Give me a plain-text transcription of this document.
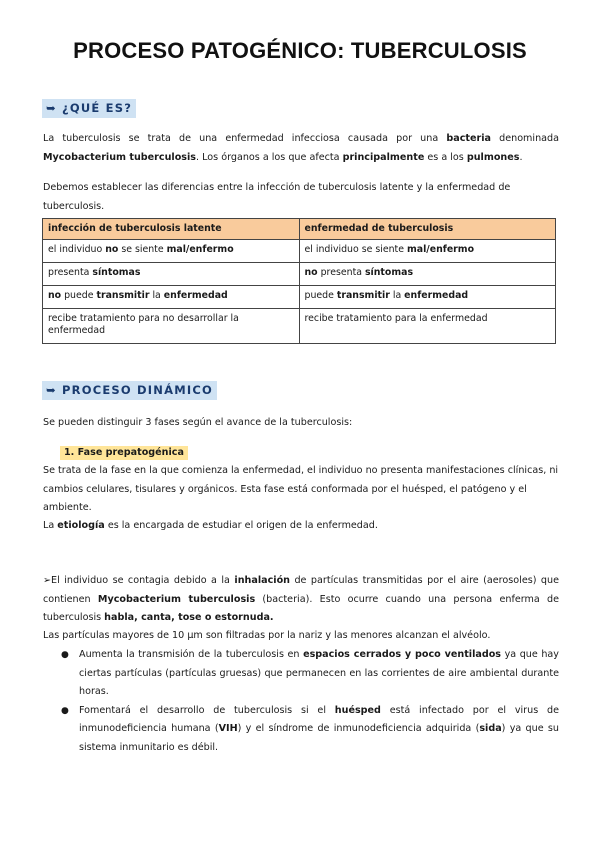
PROCESO PATOGÉNICO: TUBERCULOSIS
➥ ¿QUÉ ES?
La tuberculosis se trata de una enfermedad infecciosa causada por una bacteria denominada Mycobacterium tuberculosis. Los órganos a los que afecta principalmente es a los pulmones.
Debemos establecer las diferencias entre la infección de tuberculosis latente y la enfermedad de tuberculosis.
infección de tuberculosis latente	enfermedad de tuberculosis
el individuo no se siente mal/enfermo	el individuo se siente mal/enfermo
presenta síntomas	no presenta síntomas
no puede transmitir la enfermedad	puede transmitir la enfermedad
recibe tratamiento para no desarrollar la enfermedad	recibe tratamiento para la enfermedad
➥ PROCESO DINÁMICO
Se pueden distinguir 3 fases según el avance de la tuberculosis:
1. Fase prepatogénica
Se trata de la fase en la que comienza la enfermedad, el individuo no presenta manifestaciones clínicas, ni cambios celulares, tisulares y orgánicos. Esta fase está conformada por el huésped, el patógeno y el ambiente.
La etiología es la encargada de estudiar el origen de la enfermedad.
➢El individuo se contagia debido a la inhalación de partículas transmitidas por el aire (aerosoles) que contienen Mycobacterium tuberculosis (bacteria). Esto ocurre cuando una persona enferma de tuberculosis habla, canta, tose o estornuda.
Las partículas mayores de 10 μm son filtradas por la nariz y las menores alcanzan el alvéolo.
● Aumenta la transmisión de la tuberculosis en espacios cerrados y poco ventilados ya que hay ciertas partículas (partículas gruesas) que permanecen en las corrientes de aire ambiental durante horas.
● Fomentará el desarrollo de tuberculosis si el huésped está infectado por el virus de inmunodeficiencia humana (VIH) y el síndrome de inmunodeficiencia adquirida (sida) ya que su sistema inmunitario es débil.
